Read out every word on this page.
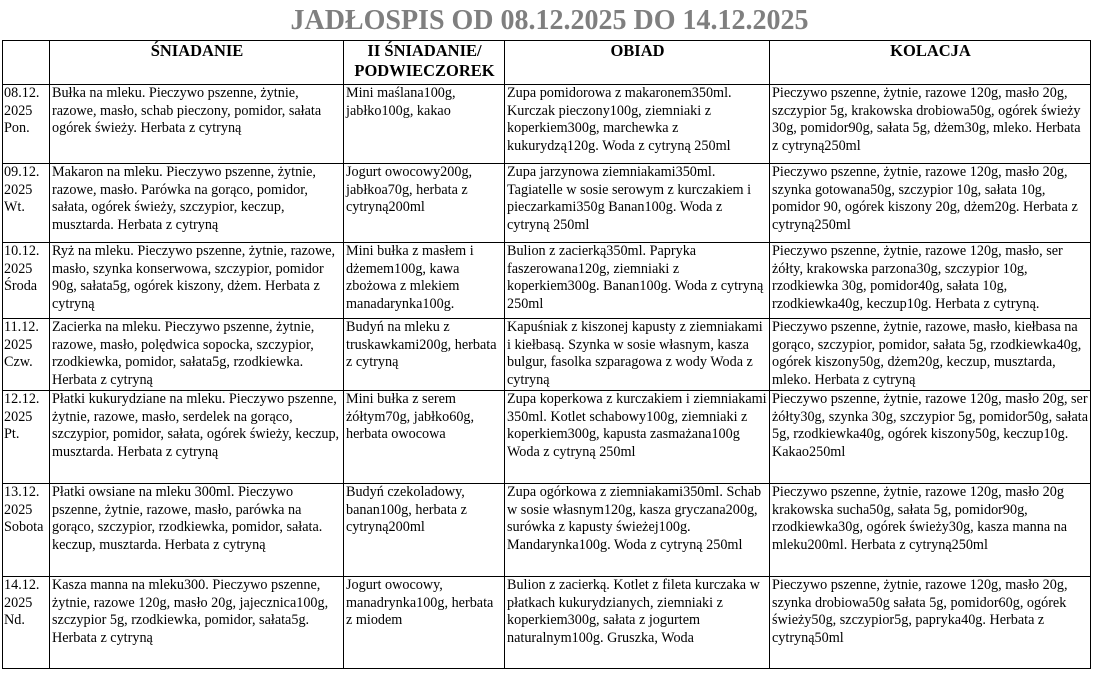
JADŁOSPIS OD 08.12.2025 DO 14.12.2025
	ŚNIADANIE	II ŚNIADANIE/ PODWIECZOREK	OBIAD	KOLACJA

08.12. 2025
Pon.	Bułka na mleku. Pieczywo pszenne, żytnie, razowe, masło, schab pieczony, pomidor, sałata ogórek świeży. Herbata z cytryną	Mini maślana100g, jabłko100g, kakao	Zupa pomidorowa z makaronem350ml. Kurczak pieczony100g, ziemniaki z koperkiem300g, marchewka z kukurydzą120g. Woda z cytryną 250ml	Pieczywo pszenne, żytnie, razowe 120g, masło 20g, szczypior 5g, krakowska drobiowa50g, ogórek świeży 30g, pomidor90g, sałata 5g, dżem30g, mleko. Herbata z cytryną250ml

09.12. 2025
Wt.	Makaron na mleku. Pieczywo pszenne, żytnie, razowe, masło. Parówka na gorąco, pomidor, sałata, ogórek świeży, szczypior, keczup, musztarda. Herbata z cytryną	Jogurt owocowy200g, jabłkoa70g, herbata z cytryną200ml	Zupa jarzynowa ziemniakami350ml. Tagiatelle w sosie serowym z kurczakiem i pieczarkami350g Banan100g. Woda z cytryną 250ml	Pieczywo pszenne, żytnie, razowe 120g, masło 20g, szynka gotowana50g, szczypior 10g, sałata 10g, pomidor 90, ogórek kiszony 20g, dżem20g. Herbata z cytryną250ml

10.12. 2025
Środa	Ryż na mleku. Pieczywo pszenne, żytnie, razowe, masło, szynka konserwowa, szczypior, pomidor 90g, sałata5g, ogórek kiszony, dżem. Herbata z cytryną	Mini bułka z masłem i dżemem100g, kawa zbożowa z mlekiem manadarynka100g.	Bulion z zacierką350ml. Papryka faszerowana120g, ziemniaki z koperkiem300g. Banan100g. Woda z cytryną 250ml	Pieczywo pszenne, żytnie, razowe 120g, masło, ser żółty, krakowska parzona30g, szczypior 10g, rzodkiewka 30g, pomidor40g, sałata 10g, rzodkiewka40g, keczup10g. Herbata z cytryną.

11.12. 2025
Czw.	Zacierka na mleku. Pieczywo pszenne, żytnie, razowe, masło, polędwica sopocka, szczypior, rzodkiewka, pomidor, sałata5g, rzodkiewka. Herbata z cytryną	Budyń na mleku z truskawkami200g, herbata z cytryną	Kapuśniak z kiszonej kapusty z ziemniakami i kiełbasą. Szynka w sosie własnym, kasza bulgur, fasolka szparagowa z wody Woda z cytryną	Pieczywo pszenne, żytnie, razowe, masło, kiełbasa na gorąco, szczypior, pomidor, sałata 5g, rzodkiewka40g, ogórek kiszony50g, dżem20g, keczup, musztarda, mleko. Herbata z cytryną

12.12. 2025
Pt.	Płatki kukurydziane na mleku. Pieczywo pszenne, żytnie, razowe, masło, serdelek na gorąco, szczypior, pomidor, sałata, ogórek świeży, keczup, musztarda. Herbata z cytryną	Mini bułka z serem żółtym70g, jabłko60g, herbata owocowa	Zupa koperkowa z kurczakiem i ziemniakami 350ml. Kotlet schabowy100g, ziemniaki z koperkiem300g, kapusta zasmażana100g Woda z cytryną 250ml	Pieczywo pszenne, żytnie, razowe 120g, masło 20g, ser żółty30g, szynka 30g, szczypior 5g, pomidor50g, sałata 5g, rzodkiewka40g, ogórek kiszony50g, keczup10g. Kakao250ml

13.12. 2025
Sobota	Płatki owsiane na mleku 300ml. Pieczywo pszenne, żytnie, razowe, masło, parówka na gorąco, szczypior, rzodkiewka, pomidor, sałata. keczup, musztarda. Herbata z cytryną	Budyń czekoladowy, banan100g, herbata z cytryną200ml	Zupa ogórkowa z ziemniakami350ml. Schab w sosie własnym120g, kasza gryczana200g, surówka z kapusty świeżej100g. Mandarynka100g. Woda z cytryną 250ml	Pieczywo pszenne, żytnie, razowe 120g, masło 20g krakowska sucha50g, sałata 5g, pomidor90g, rzodkiewka30g, ogórek świeży30g, kasza manna na mleku200ml. Herbata z cytryną250ml

14.12. 2025
Nd.	Kasza manna na mleku300. Pieczywo pszenne, żytnie, razowe 120g, masło 20g, jajecznica100g, szczypior 5g, rzodkiewka, pomidor, sałata5g. Herbata z cytryną	Jogurt owocowy, manadrynka100g, herbata z miodem	Bulion z zacierką. Kotlet z fileta kurczaka w płatkach kukurydzianych, ziemniaki z koperkiem300g, sałata z jogurtem naturalnym100g. Gruszka, Woda	Pieczywo pszenne, żytnie, razowe 120g, masło 20g, szynka drobiowa50g sałata 5g, pomidor60g, ogórek świeży50g, szczypior5g, papryka40g. Herbata z cytryną50ml
